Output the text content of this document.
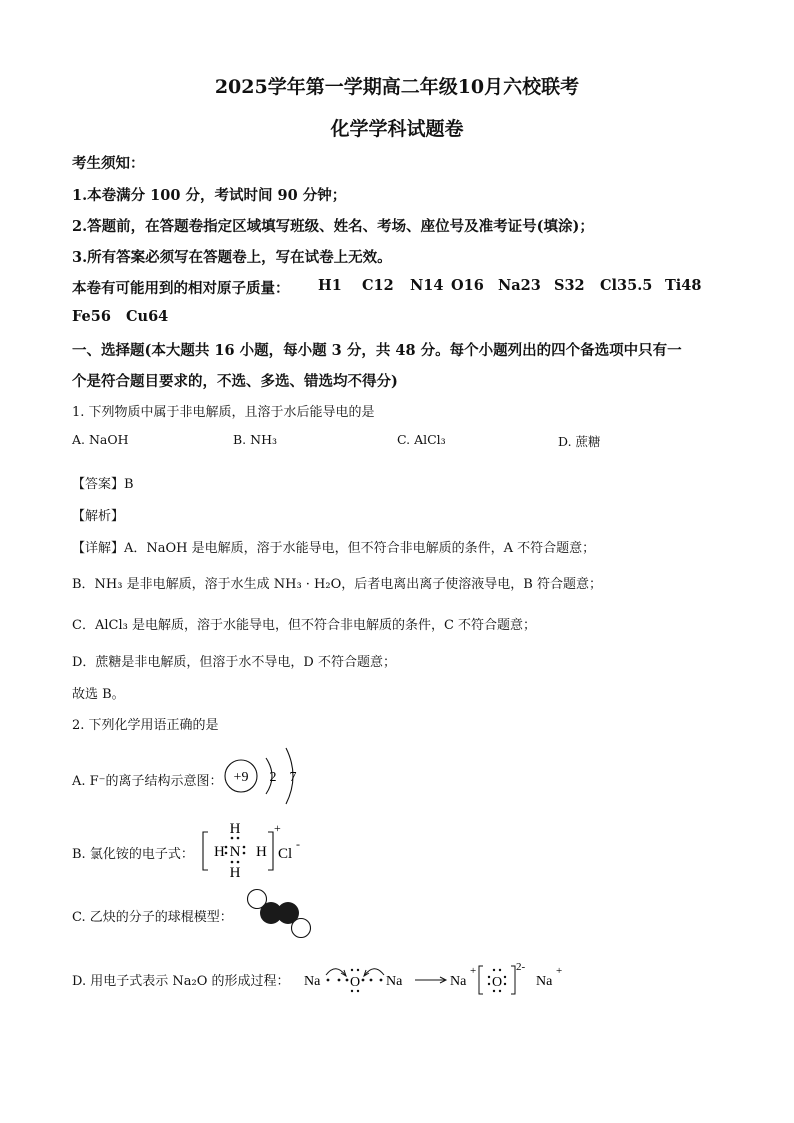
2025学年第一学期高二年级10月六校联考
化学学科试题卷
考生须知：
1.本卷满分 100 分，考试时间 90 分钟；
2.答题前，在答题卷指定区域填写班级、姓名、考场、座位号及准考证号(填涂)；
3.所有答案必须写在答题卷上，写在试卷上无效。
本卷有可能用到的相对原子质量： H1 C12 N14 O16 Na23 S32 Cl35.5 Ti48
Fe56 Cu64
一、选择题(本大题共 16 小题，每小题 3 分，共 48 分。每个小题列出的四个备选项中只有一
个是符合题目要求的，不选、多选、错选均不得分)
1. 下列物质中属于非电解质，且溶于水后能导电的是
A. NaOH	B. NH₃	C. AlCl₃	D. 蔗糖
【答案】B
【解析】
【详解】A．NaOH 是电解质，溶于水能导电，但不符合非电解质的条件，A 不符合题意；
B．NH₃ 是非电解质，溶于水生成 NH₃ · H₂O，后者电离出离子使溶液导电，B 符合题意；
C．AlCl₃ 是电解质，溶于水能导电，但不符合非电解质的条件，C 不符合题意；
D．蔗糖是非电解质，但溶于水不导电，D 不符合题意；
故选 B。
2. 下列化学用语正确的是
A. F⁻的离子结构示意图： +9 2 7
B. 氯化铵的电子式： H N H
H
H
+
Cl
-
C. 乙炔的分子的球棍模型：
D. 用电子式表示 Na₂O 的形成过程： Na O Na	Na
+
O
2-
Na
+
